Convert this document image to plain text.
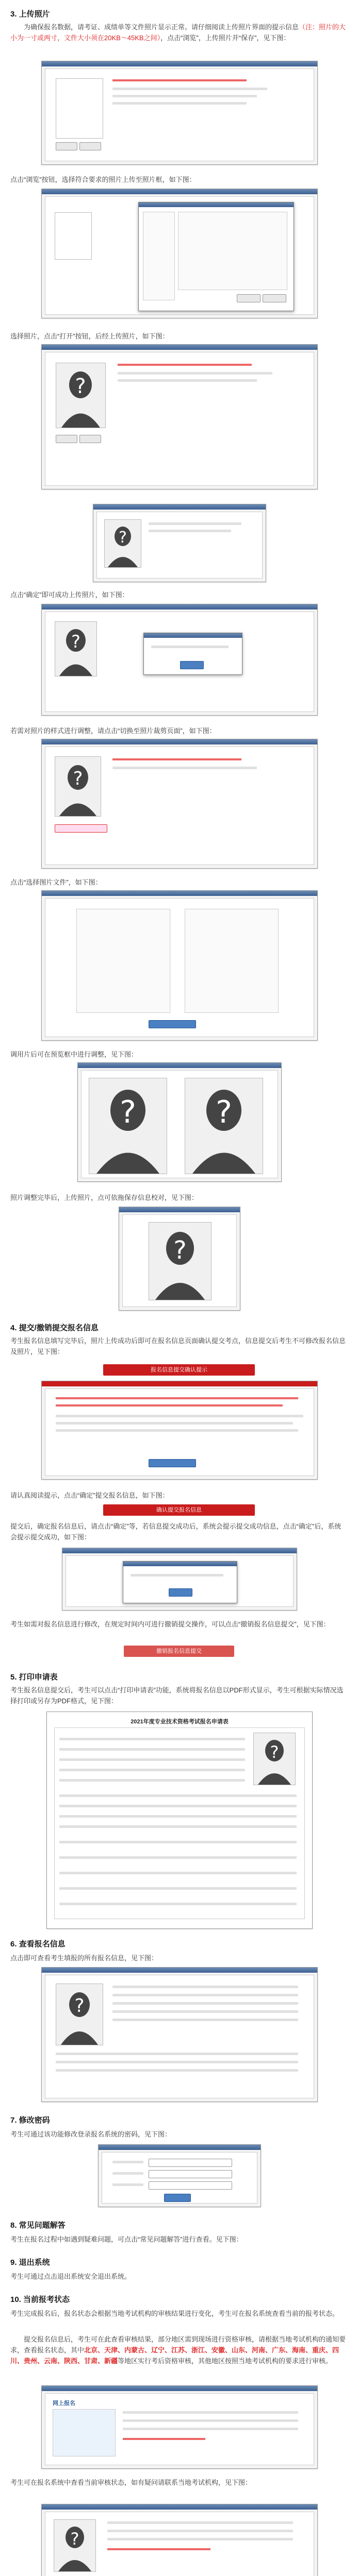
3. 上传照片
为确保报名数据，请考证、成绩单等文件照片显示正常。请仔细阅读上传照片界面的提示信息（注：照片的大小为一寸或两寸，文件大小须在20KB～45KB之间），点击“浏览”，上传照片并“保存”，见下图：
点击“浏览”按钮，选择符合要求的照片上传至照片框，如下图：
选择照片，点击“打开”按钮，后经上传照片，如下图：
?
?
点击“确定”即可成功上传照片，如下图：
?
若需对照片的样式进行调整，请点击“切换至照片裁剪页面”，如下图：
?
点击“选择图片文件”，如下图：
调用片后可在预览框中进行调整，见下图：
?	?
照片调整完毕后，上传照片，点可依拖保存信息校对，见下图：
?
4. 提交/撤销提交报名信息
考生报名信息填写完毕后，照片上传成功后即可在报名信息页面确认提交考点，信息提交后考生不可修改报名信息及照片，见下图：
报名信息提交确认提示
请认真阅读提示，点击“确定”提交报名信息，如下图：
确认提交报名信息
提交后，确定报名信息后，请点击“确定”等，若信息提交成功后，系统会提示提交成功信息，点击“确定”后，系统会提示提交成功，如下图：
考生如需对报名信息进行修改，在规定时间内可进行撤销提交操作，可以点击“撤销报名信息提交”，见下图：
撤销报名信息提交
5. 打印申请表
考生报名信息提交后，考生可以点击“打印申请表”功能，系统将报名信息以PDF形式显示，考生可根据实际情况选择打印或另存为PDF格式，见下图：
2021年度专业技术资格考试报名申请表
?
6. 查看报名信息
点击即可查看考生填报的所有报名信息，见下图：
?
7. 修改密码
考生可通过该功能修改登录报名系统的密码，见下图：
8. 常见问题解答
考生在报名过程中如遇到疑难问题，可点击“常见问题解答”进行查看。见下图：
9. 退出系统
考生可通过点击退出系统安全退出系统。
10. 当前报考状态
考生完成报名后，报名状态会根据当地考试机构的审核结果进行变化，考生可在报名系统查看当前的报考状态。
提交报名信息后，考生可在此查看审核结果，部分地区需到现场进行资格审核，请根据当地考试机构的通知要求，查看报名状态，其中北京、天津、内蒙古、辽宁、江苏、浙江、安徽、山东、河南、广东、海南、重庆、四川、贵州、云南、陕西、甘肃、新疆等地区实行考后资格审核，其他地区按照当地考试机构的要求进行审核。
网上报名
考生可在报名系统中查看当前审核状态，如有疑问请联系当地考试机构，见下图：
?
